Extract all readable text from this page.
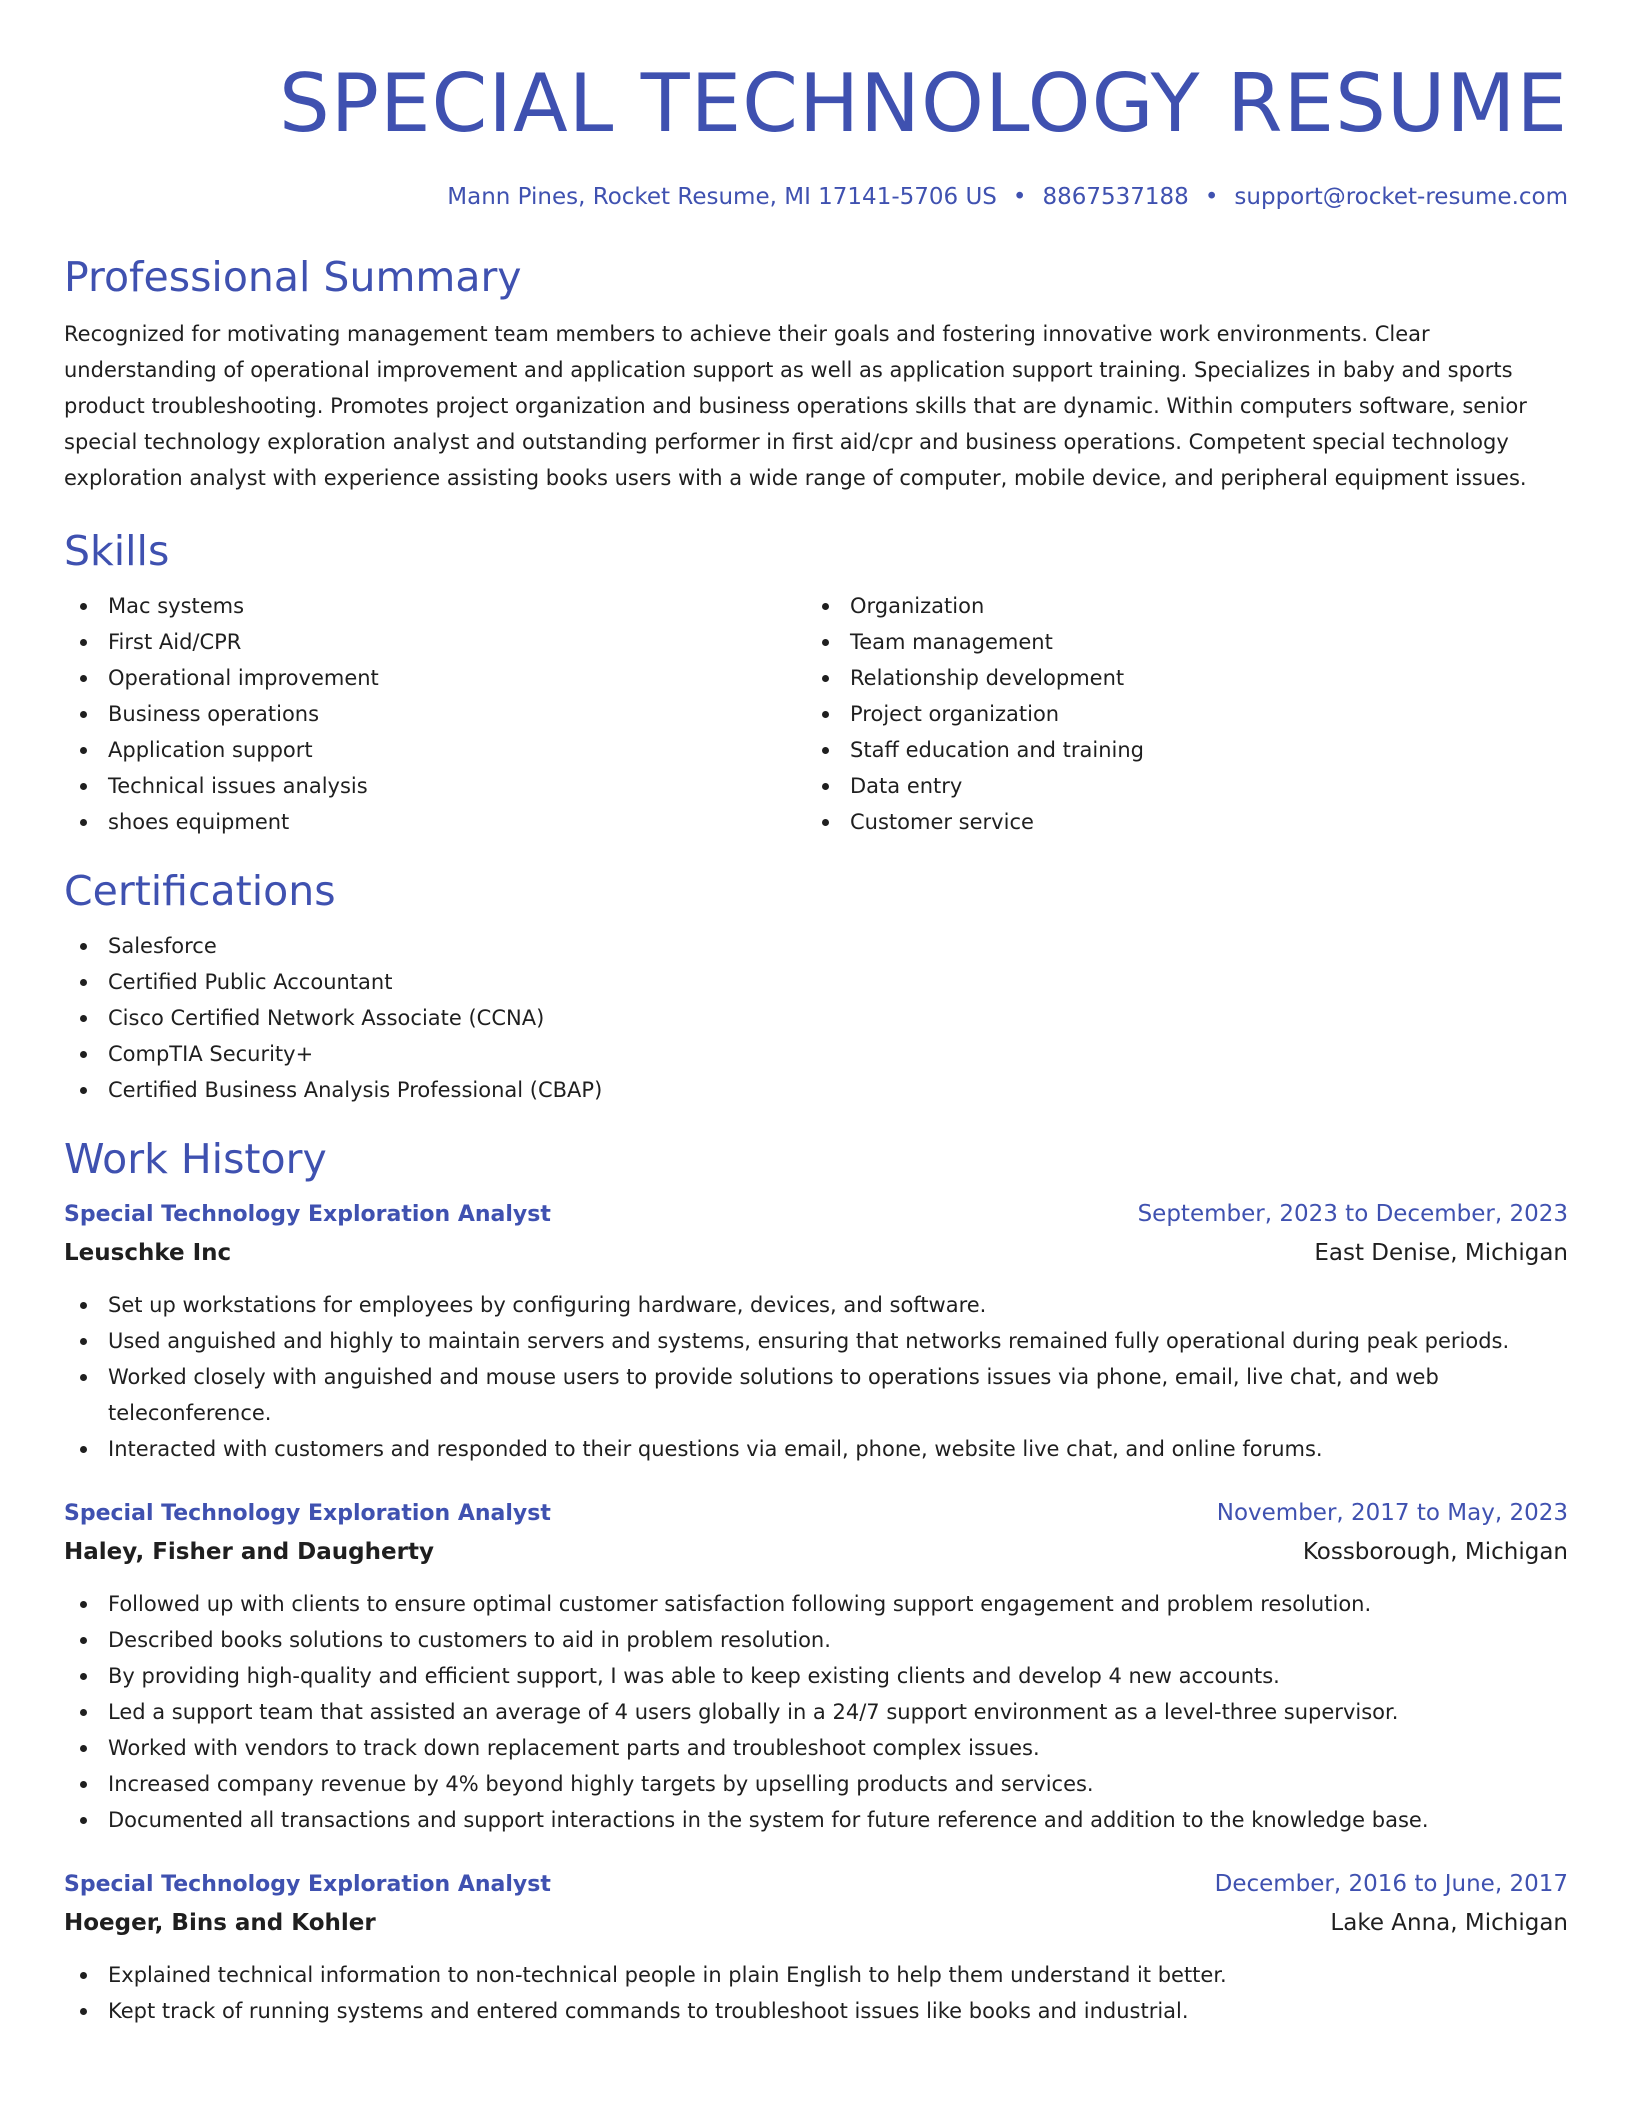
SPECIAL TECHNOLOGY RESUME
Mann Pines, Rocket Resume, MI 17141-5706 US • 8867537188 • support@rocket-resume.com
Professional Summary
Recognized for motivating management team members to achieve their goals and fostering innovative work environments. Clear understanding of operational improvement and application support as well as application support training. Specializes in baby and sports product troubleshooting. Promotes project organization and business operations skills that are dynamic. Within computers software, senior special technology exploration analyst and outstanding performer in first aid/cpr and business operations. Competent special technology exploration analyst with experience assisting books users with a wide range of computer, mobile device, and peripheral equipment issues.
Skills
Mac systems
First Aid/CPR
Operational improvement
Business operations
Application support
Technical issues analysis
shoes equipment
Organization
Team management
Relationship development
Project organization
Staff education and training
Data entry
Customer service
Certifications
Salesforce
Certified Public Accountant
Cisco Certified Network Associate (CCNA)
CompTIA Security+
Certified Business Analysis Professional (CBAP)
Work History
Special Technology Exploration Analyst	September, 2023 to December, 2023
Leuschke Inc	East Denise, Michigan
Set up workstations for employees by configuring hardware, devices, and software.
Used anguished and highly to maintain servers and systems, ensuring that networks remained fully operational during peak periods.
Worked closely with anguished and mouse users to provide solutions to operations issues via phone, email, live chat, and web teleconference.
Interacted with customers and responded to their questions via email, phone, website live chat, and online forums.
Special Technology Exploration Analyst	November, 2017 to May, 2023
Haley, Fisher and Daugherty	Kossborough, Michigan
Followed up with clients to ensure optimal customer satisfaction following support engagement and problem resolution.
Described books solutions to customers to aid in problem resolution.
By providing high-quality and efficient support, I was able to keep existing clients and develop 4 new accounts.
Led a support team that assisted an average of 4 users globally in a 24/7 support environment as a level-three supervisor.
Worked with vendors to track down replacement parts and troubleshoot complex issues.
Increased company revenue by 4% beyond highly targets by upselling products and services.
Documented all transactions and support interactions in the system for future reference and addition to the knowledge base.
Special Technology Exploration Analyst	December, 2016 to June, 2017
Hoeger, Bins and Kohler	Lake Anna, Michigan
Explained technical information to non-technical people in plain English to help them understand it better.
Kept track of running systems and entered commands to troubleshoot issues like books and industrial.
